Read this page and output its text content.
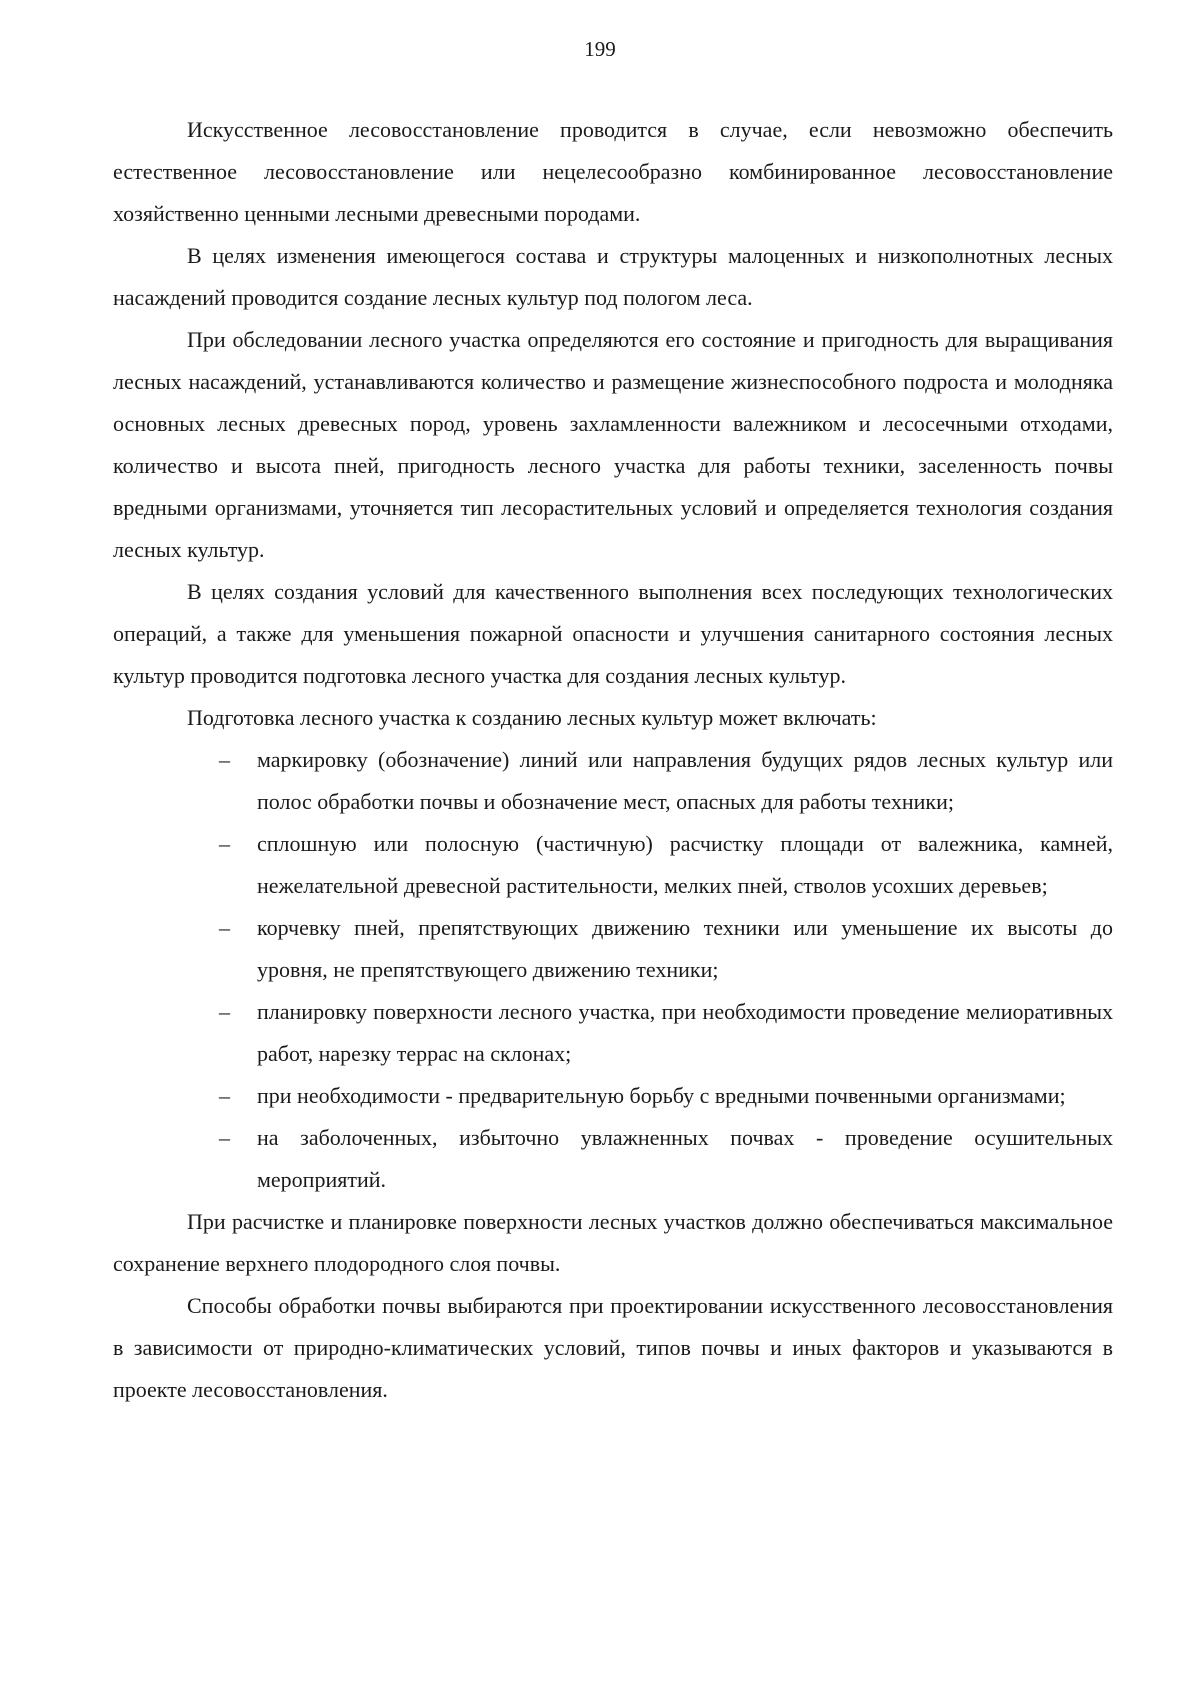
199

Искусственное лесовосстановление проводится в случае, если невозможно обеспечить естественное лесовосстановление или нецелесообразно комбинированное лесовосстановление хозяйственно ценными лесными древесными породами.

В целях изменения имеющегося состава и структуры малоценных и низкополнотных лесных насаждений проводится создание лесных культур под пологом леса.

При обследовании лесного участка определяются его состояние и пригодность для выращивания лесных насаждений, устанавливаются количество и размещение жизнеспособного подроста и молодняка основных лесных древесных пород, уровень захламленности валежником и лесосечными отходами, количество и высота пней, пригодность лесного участка для работы техники, заселенность почвы вредными организмами, уточняется тип лесорастительных условий и определяется технология создания лесных культур.

В целях создания условий для качественного выполнения всех последующих технологических операций, а также для уменьшения пожарной опасности и улучшения санитарного состояния лесных культур проводится подготовка лесного участка для создания лесных культур.

Подготовка лесного участка к созданию лесных культур может включать:

– маркировку (обозначение) линий или направления будущих рядов лесных культур или полос обработки почвы и обозначение мест, опасных для работы техники;
– сплошную или полосную (частичную) расчистку площади от валежника, камней, нежелательной древесной растительности, мелких пней, стволов усохших деревьев;
– корчевку пней, препятствующих движению техники или уменьшение их высоты до уровня, не препятствующего движению техники;
– планировку поверхности лесного участка, при необходимости проведение мелиоративных работ, нарезку террас на склонах;
– при необходимости - предварительную борьбу с вредными почвенными организмами;
– на заболоченных, избыточно увлажненных почвах - проведение осушительных мероприятий.

При расчистке и планировке поверхности лесных участков должно обеспечиваться максимальное сохранение верхнего плодородного слоя почвы.

Способы обработки почвы выбираются при проектировании искусственного лесовосстановления в зависимости от природно-климатических условий, типов почвы и иных факторов и указываются в проекте лесовосстановления.
